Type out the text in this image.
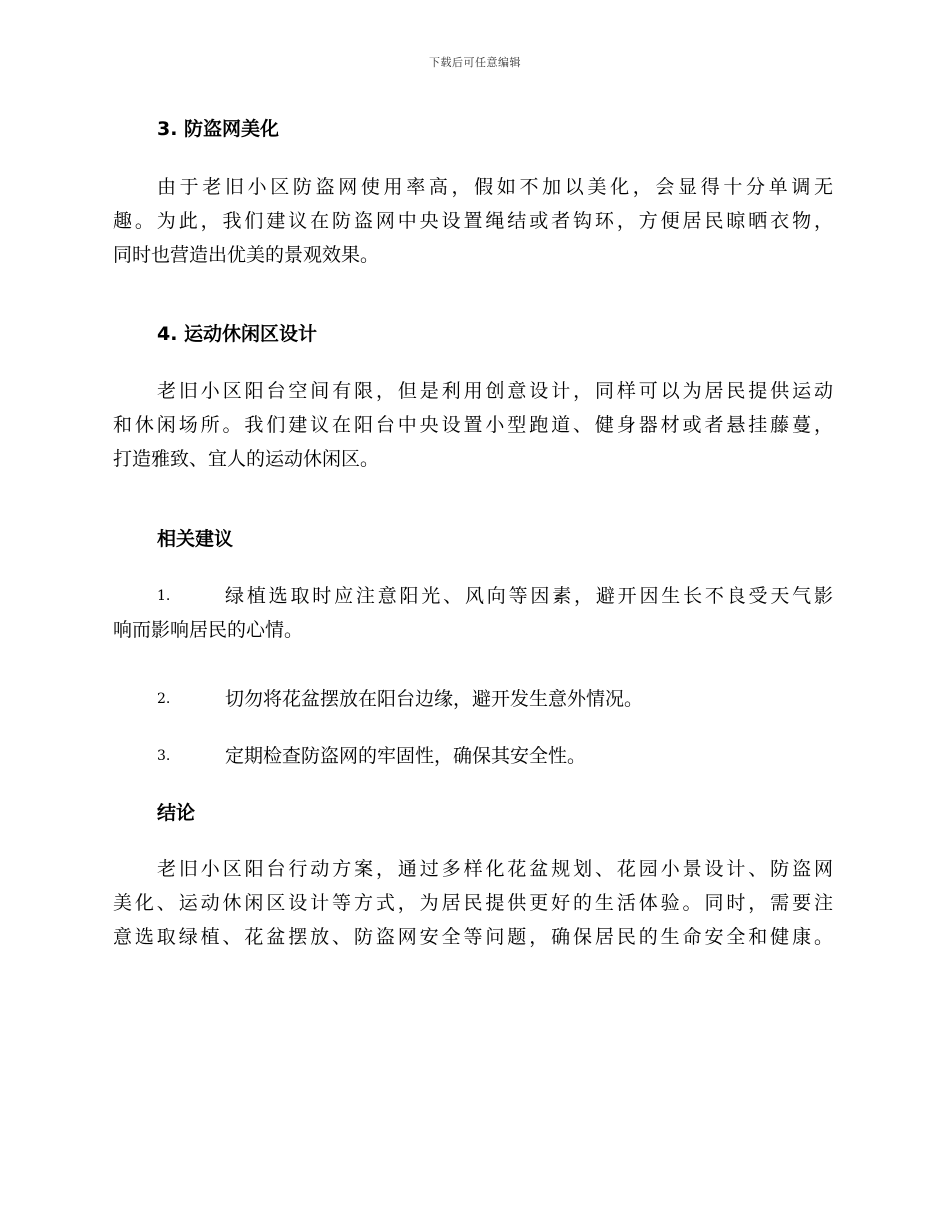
下载后可任意编辑
3. 防盗网美化
由于老旧小区防盗网使用率高，假如不加以美化，会显得十分单调无
趣。为此，我们建议在防盗网中央设置绳结或者钩环，方便居民晾晒衣物，
同时也营造出优美的景观效果。
4. 运动休闲区设计
老旧小区阳台空间有限，但是利用创意设计，同样可以为居民提供运动
和休闲场所。我们建议在阳台中央设置小型跑道、健身器材或者悬挂藤蔓，
打造雅致、宜人的运动休闲区。
相关建议
1.	绿植选取时应注意阳光、风向等因素，避开因生长不良受天气影
响而影响居民的心情。
2.	切勿将花盆摆放在阳台边缘，避开发生意外情况。
3.	定期检查防盗网的牢固性，确保其安全性。
结论
老旧小区阳台行动方案，通过多样化花盆规划、花园小景设计、防盗网
美化、运动休闲区设计等方式，为居民提供更好的生活体验。同时，需要注
意选取绿植、花盆摆放、防盗网安全等问题，确保居民的生命安全和健康。
